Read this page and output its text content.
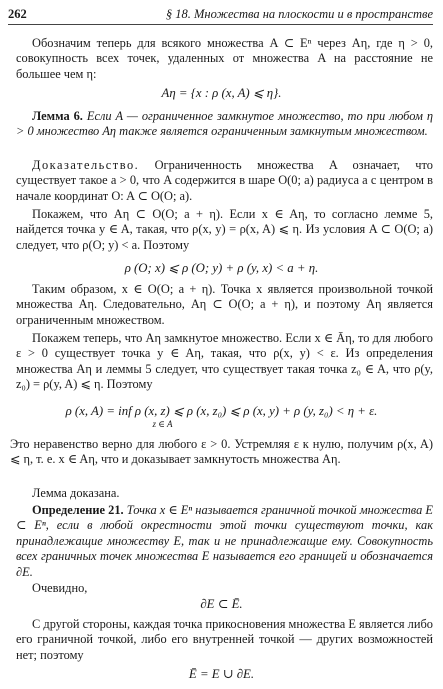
262	§ 18. Множества на плоскости и в пространстве
Обозначим теперь для всякого множества A ⊂ Eⁿ через Aη, где η > 0, совокупность всех точек, удаленных от множества A на расстояние не большее чем η:
Aη = {x : ρ (x, A) ⩽ η}.
Лемма 6. Если A — ограниченное замкнутое множество, то при любом η > 0 множество Aη также является ограниченным замкнутым множеством.
Доказательство. Ограниченность множества A означает, что существует такое a > 0, что A содержится в шаре O(0; a) радиуса a с центром в начале координат O: A ⊂ O(O; a).
Покажем, что Aη ⊂ O(O; a + η). Если x ∈ Aη, то согласно лемме 5, найдется точка y ∈ A, такая, что ρ(x, y) = ρ(x, A) ⩽ η. Из условия A ⊂ O(O; a) следует, что ρ(O; y) < a. Поэтому
ρ (O; x) ⩽ ρ (O; y) + ρ (y, x) < a + η.
Таким образом, x ∈ O(O; a + η). Точка x является произвольной точкой множества Aη. Следовательно, Aη ⊂ O(O; a + η), и поэтому Aη является ограниченным множеством.
Покажем теперь, что Aη замкнутое множество. Если x ∈ Āη, то для любого ε > 0 существует точка y ∈ Aη, такая, что ρ(x, y) < ε. Из определения множества Aη и леммы 5 следует, что существует такая точка z₀ ∈ A, что ρ(y, z₀) = ρ(y, A) ⩽ η. Поэтому
ρ (x, A) = inf ρ (x, z) ⩽ ρ (x, z₀) ⩽ ρ (x, y) + ρ (y, z₀) < η + ε.
z ∈ A
Это неравенство верно для любого ε > 0. Устремляя ε к нулю, получим ρ(x, A) ⩽ η, т. е. x ∈ Aη, что и доказывает замкнутость множества Aη.
Лемма доказана.
Определение 21. Точка x ∈ Eⁿ называется граничной точкой множества E ⊂ Eⁿ, если в любой окрестности этой точки существуют точки, как принадлежащие множеству E, так и не принадлежащие ему. Совокупность всех граничных точек множества E называется его границей и обозначается ∂E.
Очевидно,
∂E ⊂ Ē.
С другой стороны, каждая точка прикосновения множества E является либо его граничной точкой, либо его внутренней точкой — других возможностей нет; поэтому
Ē = E ∪ ∂E.
